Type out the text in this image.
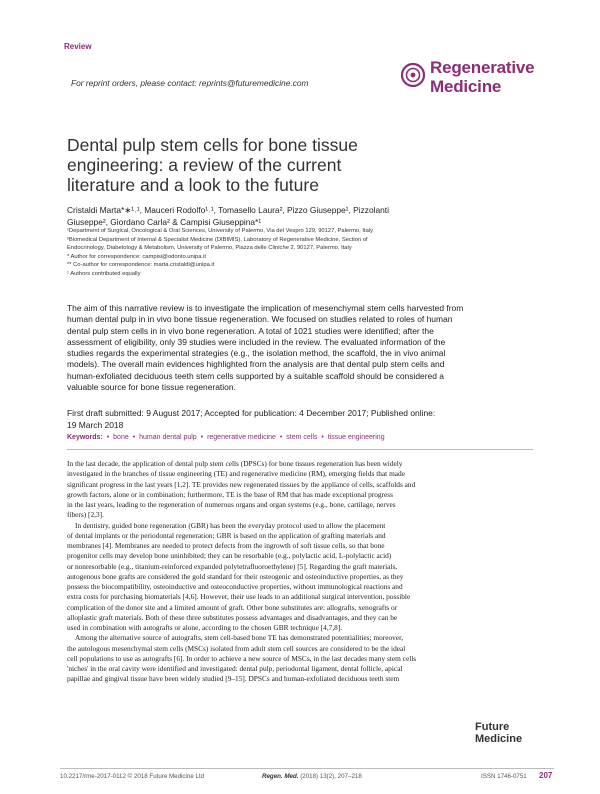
Review
For reprint orders, please contact: reprints@futuremedicine.com
Regenerative
Medicine
Dental pulp stem cells for bone tissue
engineering: a review of the current
literature and a look to the future
Cristaldi Marta*∗¹˒¹, Mauceri Rodolfo¹˒¹, Tomasello Laura², Pizzo Giuseppe¹, Pizzolanti
Giuseppe², Giordano Carla² & Campisi Giuseppina*¹
¹Department of Surgical, Oncological & Oral Sciences, University of Palermo, Via del Vespro 129, 90127, Palermo, Italy
²Biomedical Department of Internal & Specialist Medicine (DIBIMIS), Laboratory of Regenerative Medicine, Section of
Endocrinology, Diabetology & Metabolism, University of Palermo, Piazza delle Cliniche 2, 90127, Palermo, Italy
* Author for correspondence: campisi@odonto.unipa.it
** Co-author for correspondence: marta.cristaldi@unipa.it
¹ Authors contributed equally
The aim of this narrative review is to investigate the implication of mesenchymal stem cells harvested from
human dental pulp in in vivo bone tissue regeneration. We focused on studies related to roles of human
dental pulp stem cells in in vivo bone regeneration. A total of 1021 studies were identified; after the
assessment of eligibility, only 39 studies were included in the review. The evaluated information of the
studies regards the experimental strategies (e.g., the isolation method, the scaffold, the in vivo animal
models). The overall main evidences highlighted from the analysis are that dental pulp stem cells and
human-exfoliated deciduous teeth stem cells supported by a suitable scaffold should be considered a
valuable source for bone tissue regeneration.
First draft submitted: 9 August 2017; Accepted for publication: 4 December 2017; Published online:
19 March 2018
Keywords: • bone • human dental pulp • regenerative medicine • stem cells • tissue engineering
In the last decade, the application of dental pulp stem cells (DPSCs) for bone tissues regeneration has been widely
investigated in the branches of tissue engineering (TE) and regenerative medicine (RM), emerging fields that made
significant progress in the last years [1,2]. TE provides new regenerated tissues by the appliance of cells, scaffolds and
growth factors, alone or in combination; furthermore, TE is the base of RM that has made exceptional progress
in the last years, leading to the regeneration of numerous organs and organ systems (e.g., bone, cartilage, nerves
fibers) [2,3].
In dentistry, guided bone regeneration (GBR) has been the everyday protocol used to allow the placement
of dental implants or the periodontal regeneration; GBR is based on the application of grafting materials and
membranes [4]. Membranes are needed to protect defects from the ingrowth of soft tissue cells, so that bone
progenitor cells may develop bone uninhibited; they can be resorbable (e.g., polylactic acid, L-polylactic acid)
or nonresorbable (e.g., titanium-reinforced expanded polytetrafluoroethylene) [5]. Regarding the graft materials,
autogenous bone grafts are considered the gold standard for their osteogenic and osteoinductive properties, as they
possess the biocompatibility, osteoinductive and osteoconductive properties, without immunological reactions and
extra costs for purchasing biomaterials [4,6]. However, their use leads to an additional surgical intervention, possible
complication of the donor site and a limited amount of graft. Other bone substitutes are: allografts, xenografts or
alloplastic graft materials. Both of these three substitutes possess advantages and disadvantages, and they can be
used in combination with autografts or alone, according to the chosen GBR technique [4,7,8].
Among the alternative source of autografts, stem cell-based bone TE has demonstrated potentialities; moreover,
the autologous mesenchymal stem cells (MSCs) isolated from adult stem cell sources are considered to be the ideal
cell populations to use as autografts [6]. In order to achieve a new source of MSCs, in the last decades many stem cells
'niches' in the oral cavity were identified and investigated: dental pulp, periodontal ligament, dental follicle, apical
papillae and gingival tissue have been widely studied [9–15]. DPSCs and human-exfoliated deciduous teeth stem
Future
Medicine
10.2217/rme-2017-0112 © 2018 Future Medicine Ltd	Regen. Med. (2018) 13(2), 207–218	ISSN 1746-0751 207
